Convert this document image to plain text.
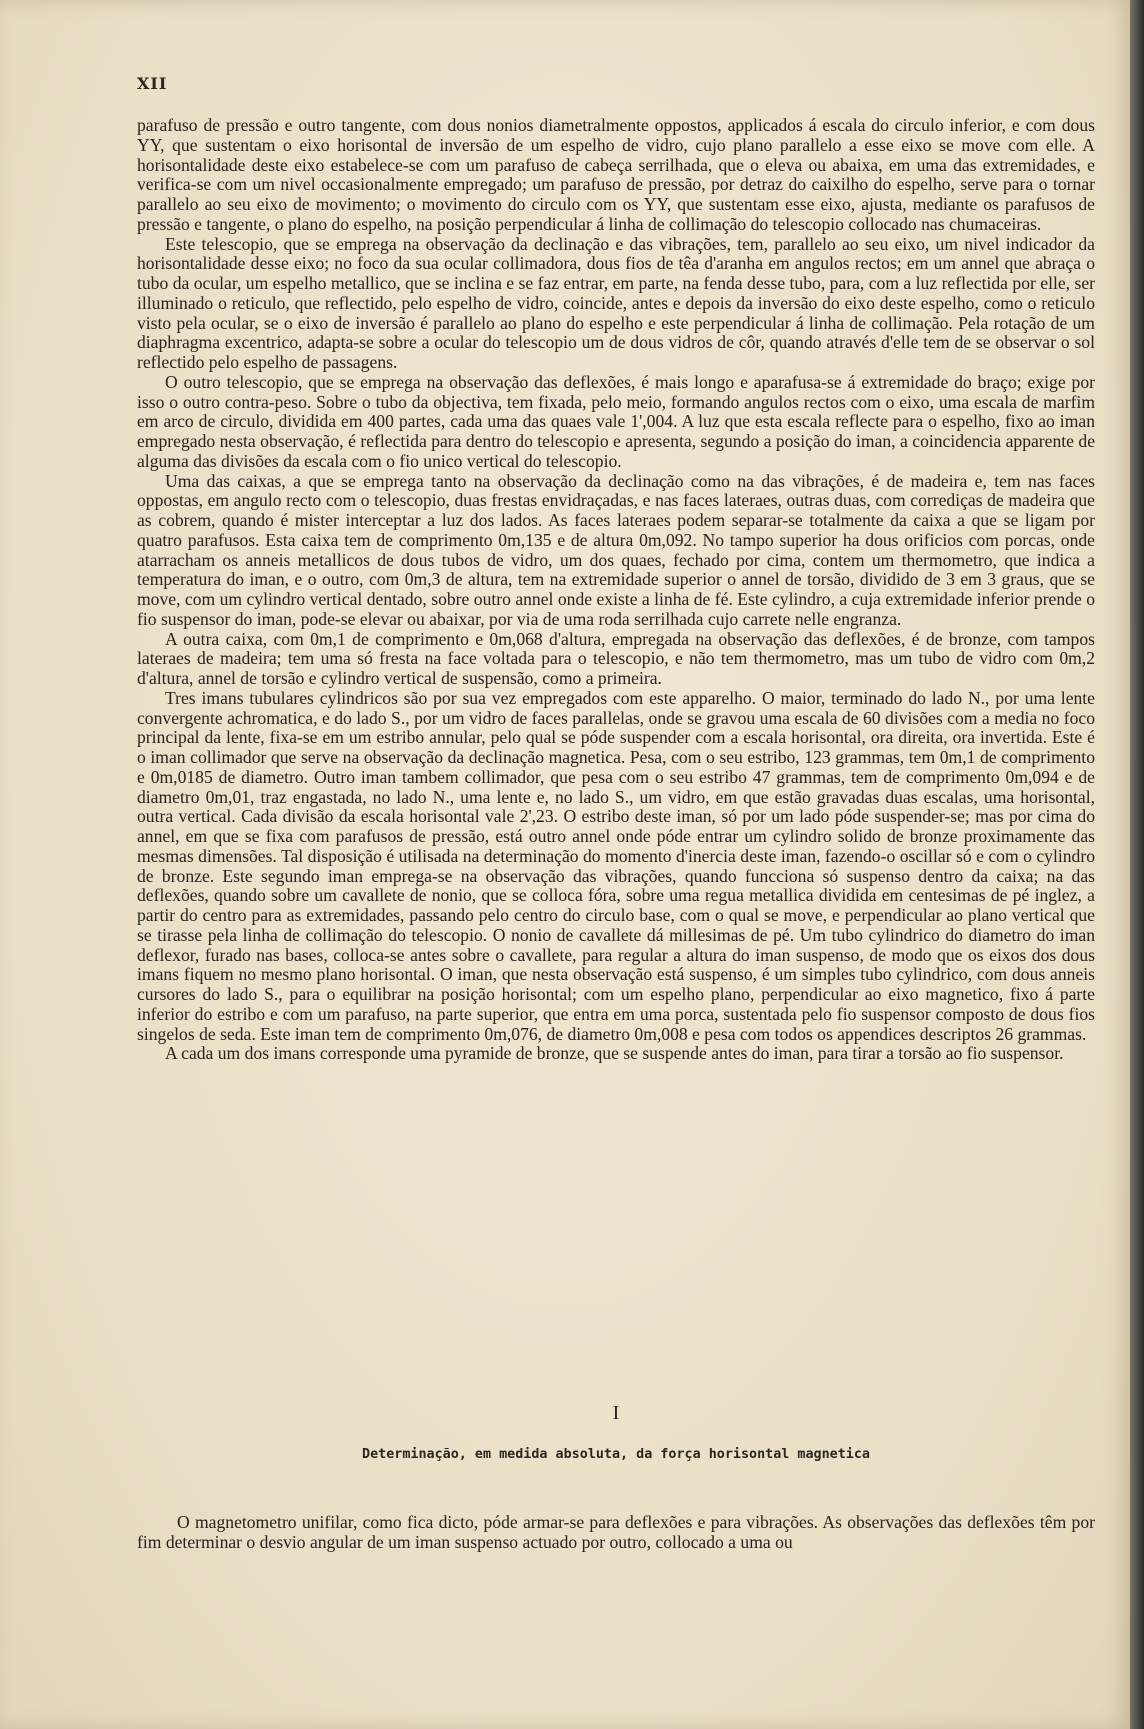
XII

parafuso de pressão e outro tangente, com dous nonios diametralmente oppostos, applicados á escala do circulo inferior, e com dous YY, que sustentam o eixo horisontal de inversão de um espelho de vidro, cujo plano parallelo a esse eixo se move com elle. A horisontalidade deste eixo estabelece-se com um parafuso de cabeça serrilhada, que o eleva ou abaixa, em uma das extremidades, e verifica-se com um nivel occasionalmente empregado; um parafuso de pressão, por detraz do caixilho do espelho, serve para o tornar parallelo ao seu eixo de movimento; o movimento do circulo com os YY, que sustentam esse eixo, ajusta, mediante os parafusos de pressão e tangente, o plano do espelho, na posição perpendicular á linha de collimação do telescopio collocado nas chumaceiras.

Este telescopio, que se emprega na observação da declinação e das vibrações, tem, parallelo ao seu eixo, um nivel indicador da horisontalidade desse eixo; no foco da sua ocular collimadora, dous fios de têa d'aranha em angulos rectos; em um annel que abraça o tubo da ocular, um espelho metallico, que se inclina e se faz entrar, em parte, na fenda desse tubo, para, com a luz reflectida por elle, ser illuminado o reticulo, que reflectido, pelo espelho de vidro, coincide, antes e depois da inversão do eixo deste espelho, como o reticulo visto pela ocular, se o eixo de inversão é parallelo ao plano do espelho e este perpendicular á linha de collimação. Pela rotação de um diaphragma excentrico, adapta-se sobre a ocular do telescopio um de dous vidros de côr, quando através d'elle tem de se observar o sol reflectido pelo espelho de passagens.

O outro telescopio, que se emprega na observação das deflexões, é mais longo e aparafusa-se á extremidade do braço; exige por isso o outro contra-peso. Sobre o tubo da objectiva, tem fixada, pelo meio, formando angulos rectos com o eixo, uma escala de marfim em arco de circulo, dividida em 400 partes, cada uma das quaes vale 1',004. A luz que esta escala reflecte para o espelho, fixo ao iman empregado nesta observação, é reflectida para dentro do telescopio e apresenta, segundo a posição do iman, a coincidencia apparente de alguma das divisões da escala com o fio unico vertical do telescopio.

Uma das caixas, a que se emprega tanto na observação da declinação como na das vibrações, é de madeira e, tem nas faces oppostas, em angulo recto com o telescopio, duas frestas envidraçadas, e nas faces lateraes, outras duas, com corrediças de madeira que as cobrem, quando é mister interceptar a luz dos lados. As faces lateraes podem separar-se totalmente da caixa a que se ligam por quatro parafusos. Esta caixa tem de comprimento 0m,135 e de altura 0m,092. No tampo superior ha dous orificios com porcas, onde atarracham os anneis metallicos de dous tubos de vidro, um dos quaes, fechado por cima, contem um thermometro, que indica a temperatura do iman, e o outro, com 0m,3 de altura, tem na extremidade superior o annel de torsão, dividido de 3 em 3 graus, que se move, com um cylindro vertical dentado, sobre outro annel onde existe a linha de fé. Este cylindro, a cuja extremidade inferior prende o fio suspensor do iman, pode-se elevar ou abaixar, por via de uma roda serrilhada cujo carrete nelle engranza.

A outra caixa, com 0m,1 de comprimento e 0m,068 d'altura, empregada na observação das deflexões, é de bronze, com tampos lateraes de madeira; tem uma só fresta na face voltada para o telescopio, e não tem thermometro, mas um tubo de vidro com 0m,2 d'altura, annel de torsão e cylindro vertical de suspensão, como a primeira.

Tres imans tubulares cylindricos são por sua vez empregados com este apparelho. O maior, terminado do lado N., por uma lente convergente achromatica, e do lado S., por um vidro de faces parallelas, onde se gravou uma escala de 60 divisões com a media no foco principal da lente, fixa-se em um estribo annular, pelo qual se póde suspender com a escala horisontal, ora direita, ora invertida. Este é o iman collimador que serve na observação da declinação magnetica. Pesa, com o seu estribo, 123 grammas, tem 0m,1 de comprimento e 0m,0185 de diametro. Outro iman tambem collimador, que pesa com o seu estribo 47 grammas, tem de comprimento 0m,094 e de diametro 0m,01, traz engastada, no lado N., uma lente e, no lado S., um vidro, em que estão gravadas duas escalas, uma horisontal, outra vertical. Cada divisão da escala horisontal vale 2',23. O estribo deste iman, só por um lado póde suspender-se; mas por cima do annel, em que se fixa com parafusos de pressão, está outro annel onde póde entrar um cylindro solido de bronze proximamente das mesmas dimensões. Tal disposição é utilisada na determinação do momento d'inercia deste iman, fazendo-o oscillar só e com o cylindro de bronze. Este segundo iman emprega-se na observação das vibrações, quando funcciona só suspenso dentro da caixa; na das deflexões, quando sobre um cavallete de nonio, que se colloca fóra, sobre uma regua metallica dividida em centesimas de pé inglez, a partir do centro para as extremidades, passando pelo centro do circulo base, com o qual se move, e perpendicular ao plano vertical que se tirasse pela linha de collimação do telescopio. O nonio de cavallete dá millesimas de pé. Um tubo cylindrico do diametro do iman deflexor, furado nas bases, colloca-se antes sobre o cavallete, para regular a altura do iman suspenso, de modo que os eixos dos dous imans fiquem no mesmo plano horisontal. O iman, que nesta observação está suspenso, é um simples tubo cylindrico, com dous anneis cursores do lado S., para o equilibrar na posição horisontal; com um espelho plano, perpendicular ao eixo magnetico, fixo á parte inferior do estribo e com um parafuso, na parte superior, que entra em uma porca, sustentada pelo fio suspensor composto de dous fios singelos de seda. Este iman tem de comprimento 0m,076, de diametro 0m,008 e pesa com todos os appendices descriptos 26 grammas.

A cada um dos imans corresponde uma pyramide de bronze, que se suspende antes do iman, para tirar a torsão ao fio suspensor.

I
Determinação, em medida absoluta, da força horisontal magnetica

O magnetometro unifilar, como fica dicto, póde armar-se para deflexões e para vibrações. As observações das deflexões têm por fim determinar o desvio angular de um iman suspenso actuado por outro, collocado a uma ou
